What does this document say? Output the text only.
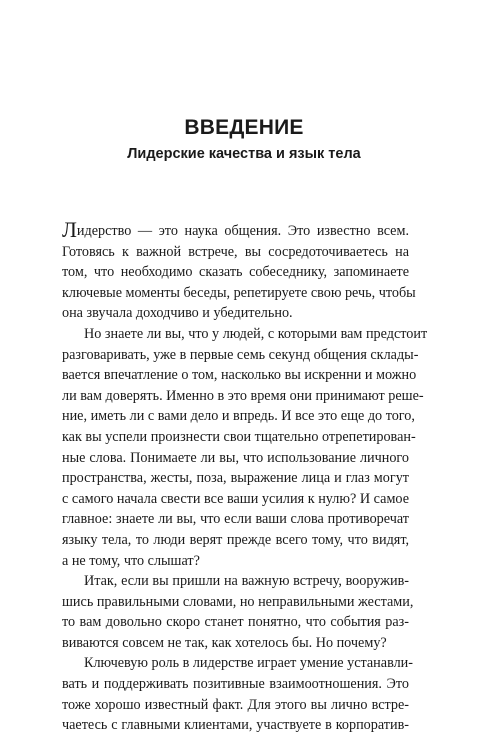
ВВЕДЕНИЕ
Лидерские качества и язык тела
Лидерство — это наука общения. Это известно всем.
Готовясь к важной встрече, вы сосредоточиваетесь на
том, что необходимо сказать собеседнику, запоминаете
ключевые моменты беседы, репетируете свою речь, чтобы
она звучала доходчиво и убедительно.
Но знаете ли вы, что у людей, с которыми вам предстоит
разговаривать, уже в первые семь секунд общения склады-
вается впечатление о том, насколько вы искренни и можно
ли вам доверять. Именно в это время они принимают реше-
ние, иметь ли с вами дело и впредь. И все это еще до того,
как вы успели произнести свои тщательно отрепетирован-
ные слова. Понимаете ли вы, что использование личного
пространства, жесты, поза, выражение лица и глаз могут
с самого начала свести все ваши усилия к нулю? И самое
главное: знаете ли вы, что если ваши слова противоречат
языку тела, то люди верят прежде всего тому, что видят,
а не тому, что слышат?
Итак, если вы пришли на важную встречу, вооружив-
шись правильными словами, но неправильными жестами,
то вам довольно скоро станет понятно, что события раз-
виваются совсем не так, как хотелось бы. Но почему?
Ключевую роль в лидерстве играет умение устанавли-
вать и поддерживать позитивные взаимоотношения. Это
тоже хорошо известный факт. Для этого вы лично встре-
чаетесь с главными клиентами, участвуете в корпоратив-
